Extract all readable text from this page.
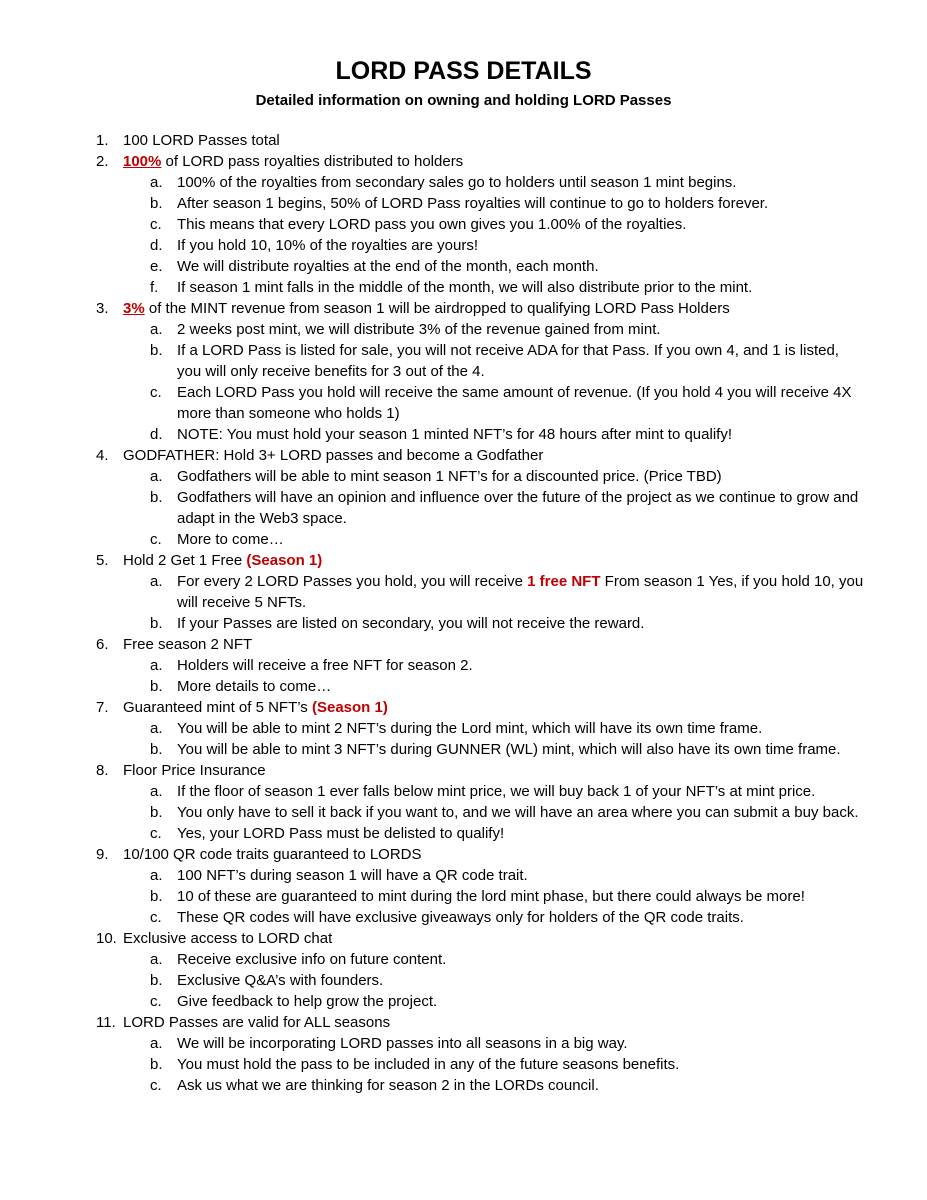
LORD PASS DETAILS
Detailed information on owning and holding LORD Passes
1. 100 LORD Passes total
2. 100% of LORD pass royalties distributed to holders
a. 100% of the royalties from secondary sales go to holders until season 1 mint begins.
b. After season 1 begins, 50% of LORD Pass royalties will continue to go to holders forever.
c. This means that every LORD pass you own gives you 1.00% of the royalties.
d. If you hold 10, 10% of the royalties are yours!
e. We will distribute royalties at the end of the month, each month.
f. If season 1 mint falls in the middle of the month, we will also distribute prior to the mint.
3. 3% of the MINT revenue from season 1 will be airdropped to qualifying LORD Pass Holders
a. 2 weeks post mint, we will distribute 3% of the revenue gained from mint.
b. If a LORD Pass is listed for sale, you will not receive ADA for that Pass. If you own 4, and 1 is listed, you will only receive benefits for 3 out of the 4.
c. Each LORD Pass you hold will receive the same amount of revenue. (If you hold 4 you will receive 4X more than someone who holds 1)
d. NOTE: You must hold your season 1 minted NFT’s for 48 hours after mint to qualify!
4. GODFATHER: Hold 3+ LORD passes and become a Godfather
a. Godfathers will be able to mint season 1 NFT’s for a discounted price. (Price TBD)
b. Godfathers will have an opinion and influence over the future of the project as we continue to grow and adapt in the Web3 space.
c. More to come…
5. Hold 2 Get 1 Free (Season 1)
a. For every 2 LORD Passes you hold, you will receive 1 free NFT From season 1 Yes, if you hold 10, you will receive 5 NFTs.
b. If your Passes are listed on secondary, you will not receive the reward.
6. Free season 2 NFT
a. Holders will receive a free NFT for season 2.
b. More details to come…
7. Guaranteed mint of 5 NFT’s (Season 1)
a. You will be able to mint 2 NFT’s during the Lord mint, which will have its own time frame.
b. You will be able to mint 3 NFT’s during GUNNER (WL) mint, which will also have its own time frame.
8. Floor Price Insurance
a. If the floor of season 1 ever falls below mint price, we will buy back 1 of your NFT’s at mint price.
b. You only have to sell it back if you want to, and we will have an area where you can submit a buy back.
c. Yes, your LORD Pass must be delisted to qualify!
9. 10/100 QR code traits guaranteed to LORDS
a. 100 NFT’s during season 1 will have a QR code trait.
b. 10 of these are guaranteed to mint during the lord mint phase, but there could always be more!
c. These QR codes will have exclusive giveaways only for holders of the QR code traits.
10. Exclusive access to LORD chat
a. Receive exclusive info on future content.
b. Exclusive Q&A’s with founders.
c. Give feedback to help grow the project.
11. LORD Passes are valid for ALL seasons
a. We will be incorporating LORD passes into all seasons in a big way.
b. You must hold the pass to be included in any of the future seasons benefits.
c. Ask us what we are thinking for season 2 in the LORDs council.
